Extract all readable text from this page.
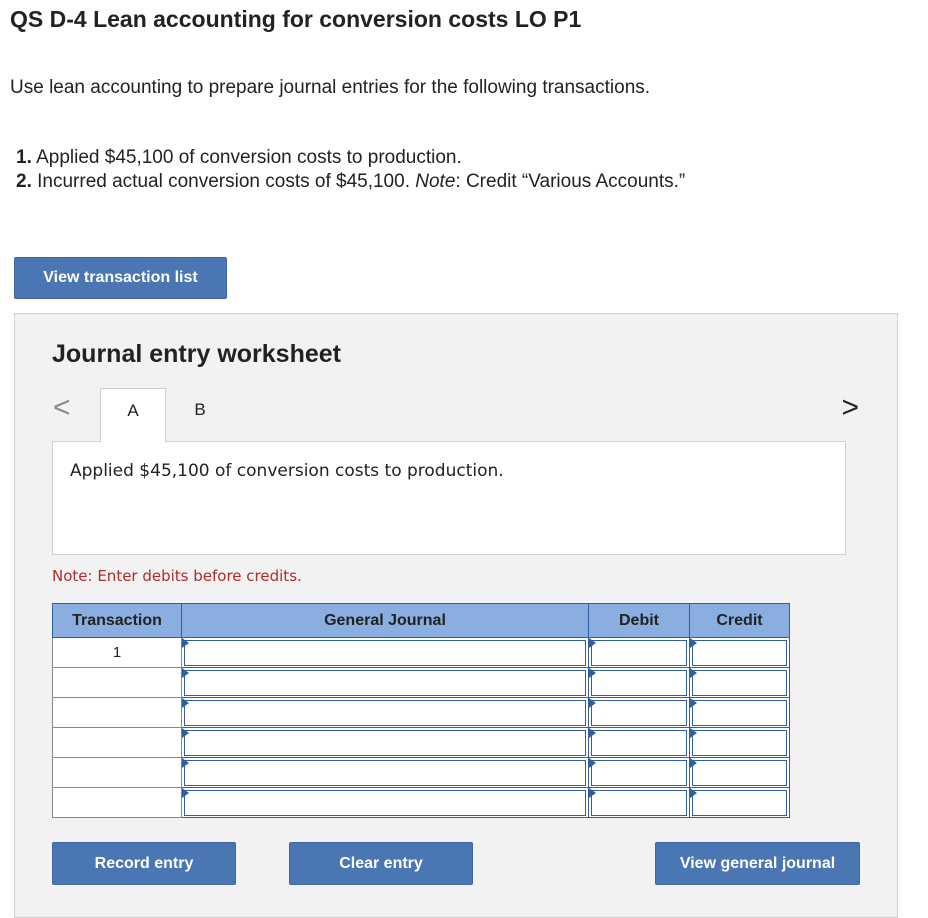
QS D-4 Lean accounting for conversion costs LO P1

Use lean accounting to prepare journal entries for the following transactions.

1. Applied $45,100 of conversion costs to production.
2. Incurred actual conversion costs of $45,100. Note: Credit “Various Accounts.”
View transaction list
Journal entry worksheet
<	A	B	>
Applied $45,100 of conversion costs to production.
Note: Enter debits before credits.
Transaction	General Journal	Debit	Credit
1	

Record entry	Clear entry	View general journal
